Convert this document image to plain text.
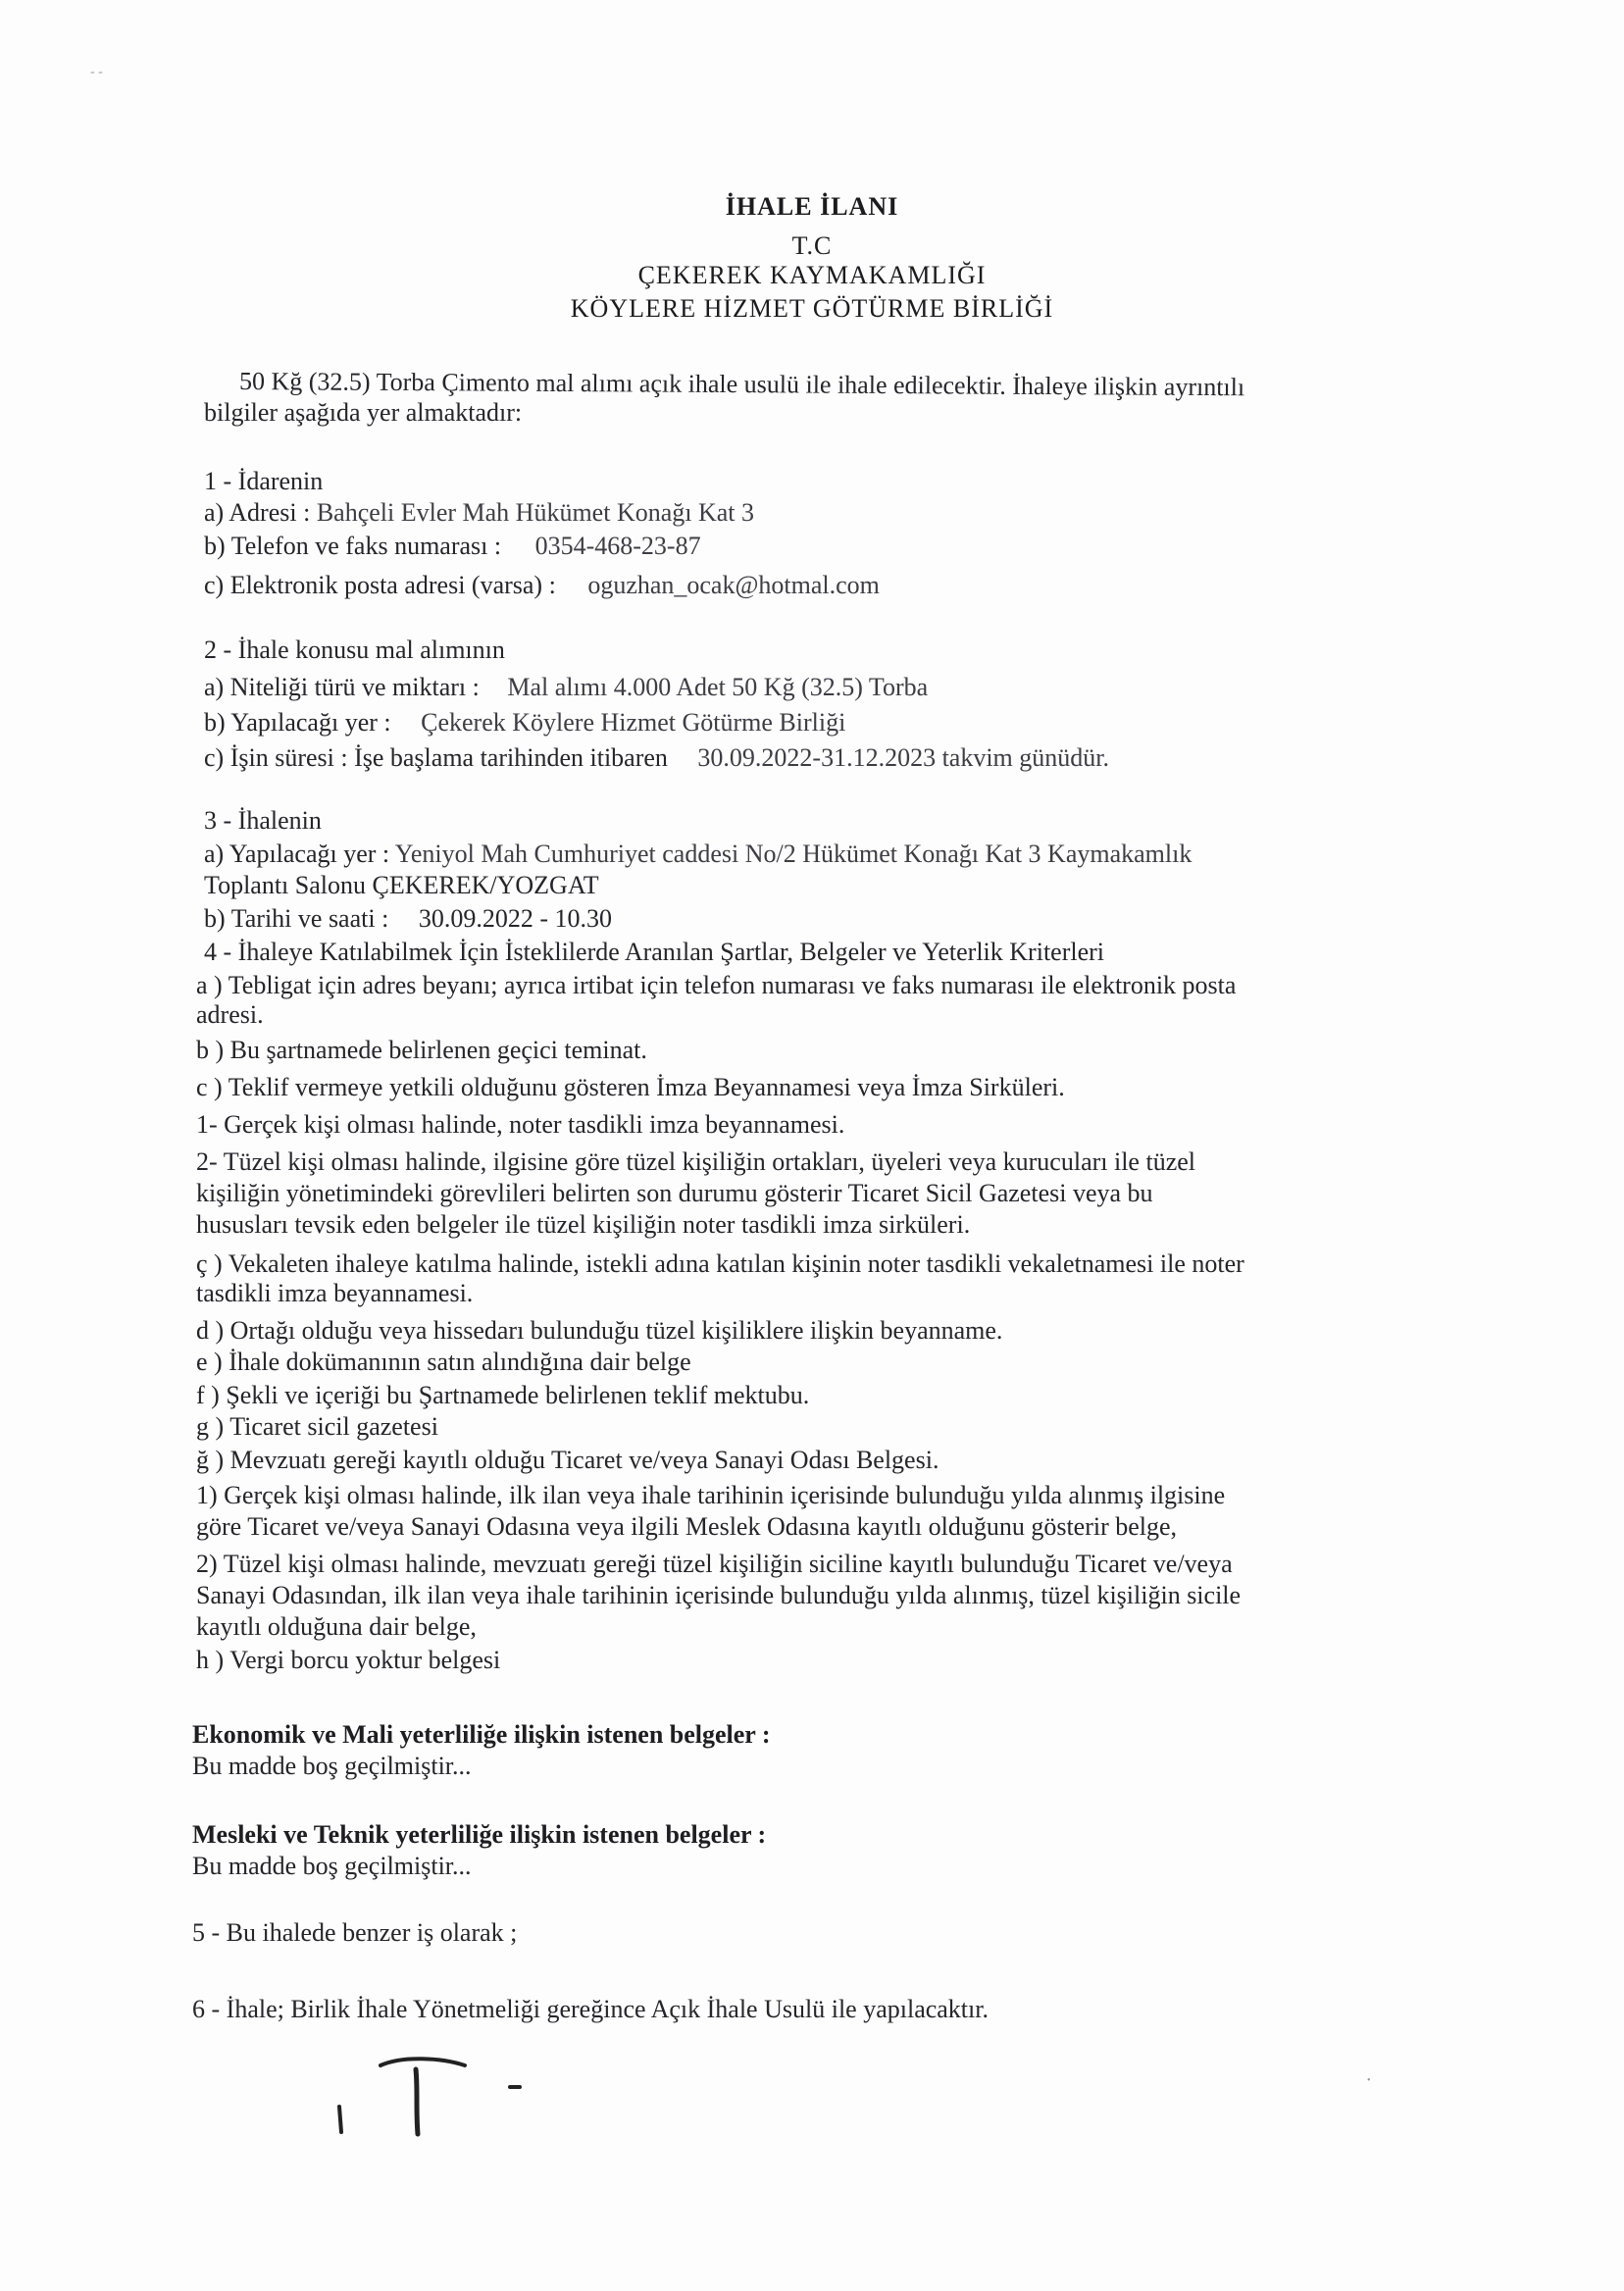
- -
İHALE İLANI
T.C
ÇEKEREK KAYMAKAMLIĞI
KÖYLERE HİZMET GÖTÜRME BİRLİĞİ
50 Kğ (32.5) Torba Çimento mal alımı açık ihale usulü ile ihale edilecektir. İhaleye ilişkin ayrıntılı
bilgiler aşağıda yer almaktadır:
1 - İdarenin
a) Adresi : Bahçeli Evler Mah Hükümet Konağı Kat 3
b) Telefon ve faks numarası : 0354-468-23-87
c) Elektronik posta adresi (varsa) : oguzhan_ocak@hotmal.com
2 - İhale konusu mal alımının
a) Niteliği türü ve miktarı : Mal alımı 4.000 Adet 50 Kğ (32.5) Torba
b) Yapılacağı yer : Çekerek Köylere Hizmet Götürme Birliği
c) İşin süresi : İşe başlama tarihinden itibaren 30.09.2022-31.12.2023 takvim günüdür.
3 - İhalenin
a) Yapılacağı yer : Yeniyol Mah Cumhuriyet caddesi No/2 Hükümet Konağı Kat 3 Kaymakamlık
Toplantı Salonu ÇEKEREK/YOZGAT
b) Tarihi ve saati : 30.09.2022 - 10.30
4 - İhaleye Katılabilmek İçin İsteklilerde Aranılan Şartlar, Belgeler ve Yeterlik Kriterleri
a ) Tebligat için adres beyanı; ayrıca irtibat için telefon numarası ve faks numarası ile elektronik posta
adresi.
b ) Bu şartnamede belirlenen geçici teminat.
c ) Teklif vermeye yetkili olduğunu gösteren İmza Beyannamesi veya İmza Sirküleri.
1- Gerçek kişi olması halinde, noter tasdikli imza beyannamesi.
2- Tüzel kişi olması halinde, ilgisine göre tüzel kişiliğin ortakları, üyeleri veya kurucuları ile tüzel
kişiliğin yönetimindeki görevlileri belirten son durumu gösterir Ticaret Sicil Gazetesi veya bu
hususları tevsik eden belgeler ile tüzel kişiliğin noter tasdikli imza sirküleri.
ç ) Vekaleten ihaleye katılma halinde, istekli adına katılan kişinin noter tasdikli vekaletnamesi ile noter
tasdikli imza beyannamesi.
d ) Ortağı olduğu veya hissedarı bulunduğu tüzel kişiliklere ilişkin beyanname.
e ) İhale dokümanının satın alındığına dair belge
f ) Şekli ve içeriği bu Şartnamede belirlenen teklif mektubu.
g ) Ticaret sicil gazetesi
ğ ) Mevzuatı gereği kayıtlı olduğu Ticaret ve/veya Sanayi Odası Belgesi.
1) Gerçek kişi olması halinde, ilk ilan veya ihale tarihinin içerisinde bulunduğu yılda alınmış ilgisine
göre Ticaret ve/veya Sanayi Odasına veya ilgili Meslek Odasına kayıtlı olduğunu gösterir belge,
2) Tüzel kişi olması halinde, mevzuatı gereği tüzel kişiliğin siciline kayıtlı bulunduğu Ticaret ve/veya
Sanayi Odasından, ilk ilan veya ihale tarihinin içerisinde bulunduğu yılda alınmış, tüzel kişiliğin sicile
kayıtlı olduğuna dair belge,
h ) Vergi borcu yoktur belgesi
Ekonomik ve Mali yeterliliğe ilişkin istenen belgeler :
Bu madde boş geçilmiştir...
Mesleki ve Teknik yeterliliğe ilişkin istenen belgeler :
Bu madde boş geçilmiştir...
5 - Bu ihalede benzer iş olarak ;
6 - İhale; Birlik İhale Yönetmeliği gereğince Açık İhale Usulü ile yapılacaktır.
•
